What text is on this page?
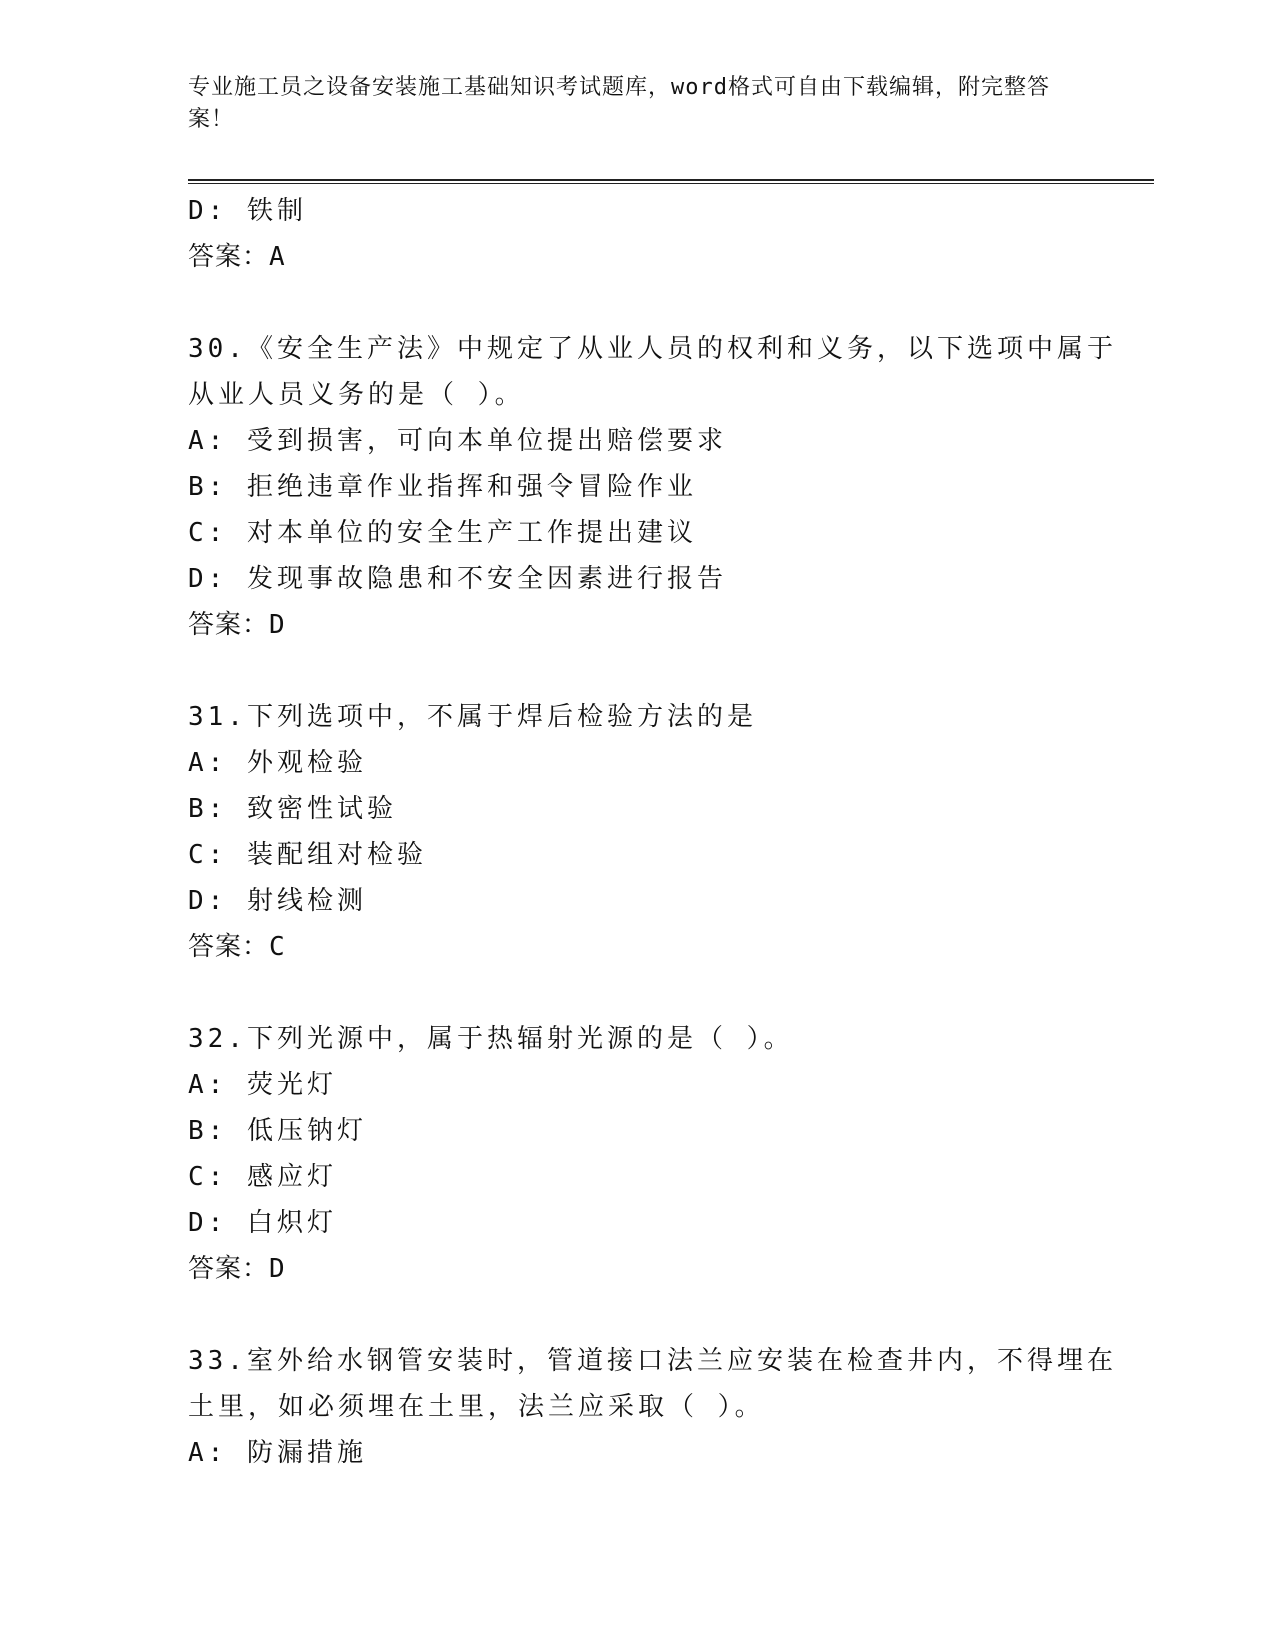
专业施工员之设备安装施工基础知识考试题库，word格式可自由下载编辑，附完整答案！
D: 铁制
答案：A
30.《安全生产法》中规定了从业人员的权利和义务，以下选项中属于
从业人员义务的是（ ）。
A: 受到损害，可向本单位提出赔偿要求
B: 拒绝违章作业指挥和强令冒险作业
C: 对本单位的安全生产工作提出建议
D: 发现事故隐患和不安全因素进行报告
答案：D
31.下列选项中，不属于焊后检验方法的是
A: 外观检验
B: 致密性试验
C: 装配组对检验
D: 射线检测
答案：C
32.下列光源中，属于热辐射光源的是（ ）。
A: 荧光灯
B: 低压钠灯
C: 感应灯
D: 白炽灯
答案：D
33.室外给水钢管安装时，管道接口法兰应安装在检查井内，不得埋在
土里，如必须埋在土里，法兰应采取（ ）。
A: 防漏措施
